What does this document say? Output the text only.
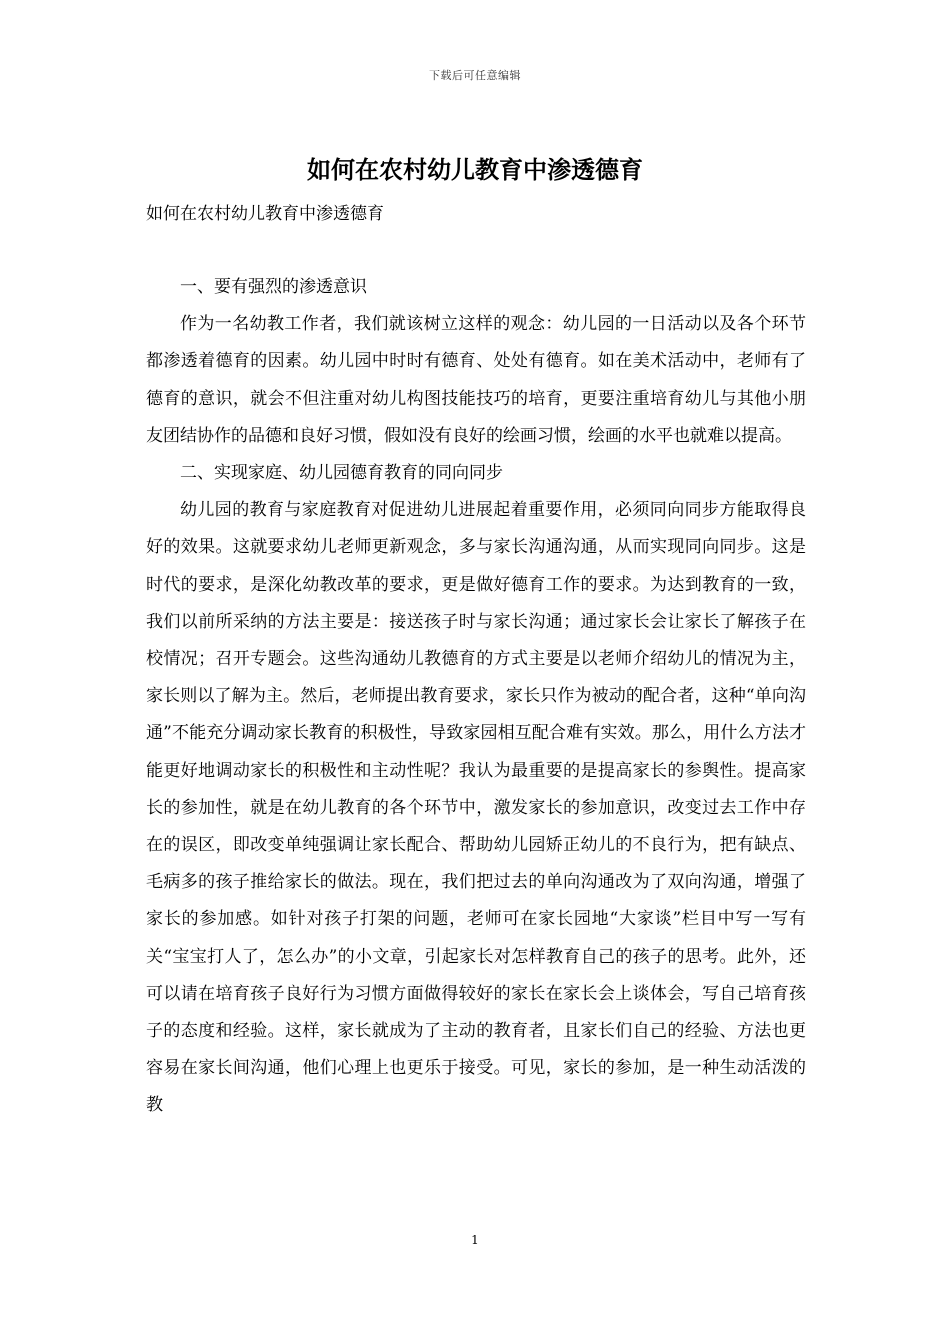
下载后可任意编辑
如何在农村幼儿教育中渗透德育
如何在农村幼儿教育中渗透德育

一、要有强烈的渗透意识

作为一名幼教工作者，我们就该树立这样的观念：幼儿园的一日活动以及各个环节都渗透着德育的因素。幼儿园中时时有德育、处处有德育。如在美术活动中，老师有了德育的意识，就会不但注重对幼儿构图技能技巧的培育，更要注重培育幼儿与其他小朋友团结协作的品德和良好习惯，假如没有良好的绘画习惯，绘画的水平也就难以提高。

二、实现家庭、幼儿园德育教育的同向同步

幼儿园的教育与家庭教育对促进幼儿进展起着重要作用，必须同向同步方能取得良好的效果。这就要求幼儿老师更新观念，多与家长沟通沟通，从而实现同向同步。这是时代的要求，是深化幼教改革的要求，更是做好德育工作的要求。为达到教育的一致，我们以前所采纳的方法主要是：接送孩子时与家长沟通；通过家长会让家长了解孩子在校情况；召开专题会。这些沟通幼儿教德育的方式主要是以老师介绍幼儿的情况为主，家长则以了解为主。然后，老师提出教育要求，家长只作为被动的配合者，这种“单向沟通”不能充分调动家长教育的积极性，导致家园相互配合难有实效。那么，用什么方法才能更好地调动家长的积极性和主动性呢？我认为最重要的是提高家长的参舆性。提高家长的参加性，就是在幼儿教育的各个环节中，激发家长的参加意识，改变过去工作中存在的误区，即改变单纯强调让家长配合、帮助幼儿园矫正幼儿的不良行为，把有缺点、毛病多的孩子推给家长的做法。现在，我们把过去的单向沟通改为了双向沟通，增强了家长的参加感。如针对孩子打架的问题，老师可在家长园地“大家谈”栏目中写一写有关“宝宝打人了，怎么办”的小文章，引起家长对怎样教育自己的孩子的思考。此外，还可以请在培育孩子良好行为习惯方面做得较好的家长在家长会上谈体会，写自己培育孩子的态度和经验。这样，家长就成为了主动的教育者，且家长们自己的经验、方法也更容易在家长间沟通，他们心理上也更乐于接受。可见，家长的参加，是一种生动活泼的教

1
